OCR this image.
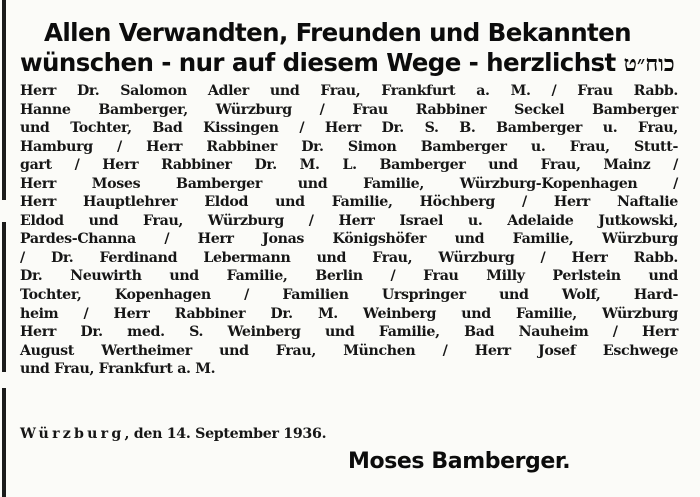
Allen Verwandten, Freunden und Bekannten
wünschen - nur auf diesem Wege - herzlichst כוח״ט
Herr Dr. Salomon Adler und Frau, Frankfurt a. M. / Frau Rabb.
Hanne Bamberger, Würzburg / Frau Rabbiner Seckel Bamberger
und Tochter, Bad Kissingen / Herr Dr. S. B. Bamberger u. Frau,
Hamburg / Herr Rabbiner Dr. Simon Bamberger u. Frau, Stutt-
gart / Herr Rabbiner Dr. M. L. Bamberger und Frau, Mainz /
Herr Moses Bamberger und Familie, Würzburg-Kopenhagen /
Herr Hauptlehrer Eldod und Familie, Höchberg / Herr Naftalie
Eldod und Frau, Würzburg / Herr Israel u. Adelaide Jutkowski,
Pardes-Channa / Herr Jonas Königshöfer und Familie, Würzburg
/ Dr. Ferdinand Lebermann und Frau, Würzburg / Herr Rabb.
Dr. Neuwirth und Familie, Berlin / Frau Milly Perlstein und
Tochter, Kopenhagen / Familien Urspringer und Wolf, Hard-
heim / Herr Rabbiner Dr. M. Weinberg und Familie, Würzburg
Herr Dr. med. S. Weinberg und Familie, Bad Nauheim / Herr
August Wertheimer und Frau, München / Herr Josef Eschwege
und Frau, Frankfurt a. M.
Würzburg, den 14. September 1936.
Moses Bamberger.
